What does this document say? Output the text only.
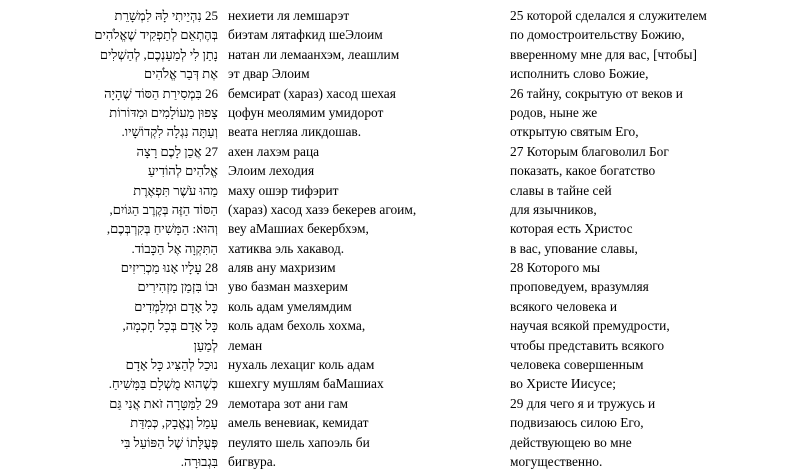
25 נִהְיֵיתִי לָהּ לִמְשָׁרֵת
בְּהֶתְאֵם לְתַפְקִיד שֶׁאֱלֹהִים
נָתַן לִי לְמַעַנְכֶם, לְהַשְׁלִים
אֶת דְּבַר אֱלֹהִים
26 בִּמְסִירַת הַסּוֹד שֶׁהָיָה
צָפוּן מֵעוֹלָמִים וּמִדּוֹרוֹת
וְעַתָּה נִגְלָה לִקְדוֹשָׁיו.
27 אֲכֵן לָכֶם רָצָה
אֱלֹהִים לְהוֹדִיעַ
מַהוּ עֹשֶׁר תִּפְאֶרֶת
הַסּוֹד הַזֶּה בְּקֶרֶב הַגּוֹיִם,
וְהוּא: הַמָּשִׁיחַ בְּקִרְבְּכֶם,
הַתִּקְוָה אֶל הַכָּבוֹד.
28 עָלָיו אָנוּ מַכְרִיזִים
וּבוֹ בִּזְמַן מַזְהִירִים
כָּל אָדָם וּמְלַמְּדִים
כָּל אָדָם בְּכָל חָכְמָה,
לְמַעַן
נוּכַל לְהַצִּיג כָּל אָדָם
כְּשֶׁהוּא מֻשְׁלָם בַּמָּשִׁיחַ.
29 לַמַּטָּרָה זֹאת אֲנִי גַּם
עָמֵל וְנֶאֱבָק, כְּמִדַּת
פְּעֻלָּתוֹ שֶׁל הַפּוֹעֵל בִּי
בִּגְבוּרָה.
нехиети ля лемшарэт
биэтам лятафкид шеЭлоим
натан ли лемаанхэм, леашлим
эт двар Элоим
бемсират (хараз) хасод шехая
цофун меолямим умидорот
веата негляа ликдошав.
ахен лахэм раца
Элоим леходия
маху ошэр тифэрит
(хараз) хасод хазэ бекерев агоим,
веу аМашиах бекербхэм,
хатиква эль хакавод.
аляв ану махризим
уво базман мазхерим
коль адам умелямдим
коль адам бехоль хохма,
леман
нухаль лехациг коль адам
кшехгу мушлям баМашиах
лемотара зот ани гам
амель веневиак, кемидат
пеулято шель хапоэль би
бигвура.
25 которой сделался я служителем
по домостроительству Божию,
вверенному мне для вас, [чтобы]
исполнить слово Божие,
26 тайну, сокрытую от веков и
родов, ныне же
открытую святым Его,
27 Которым благоволил Бог
показать, какое богатство
славы в тайне сей
для язычников,
которая есть Христос
в вас, упование славы,
28 Которого мы
проповедуем, вразумляя
всякого человека и
научая всякой премудрости,
чтобы представить всякого
человека совершенным
во Христе Иисусе;
29 для чего я и тружусь и
подвизаюсь силою Его,
действующею во мне
могущественно.
